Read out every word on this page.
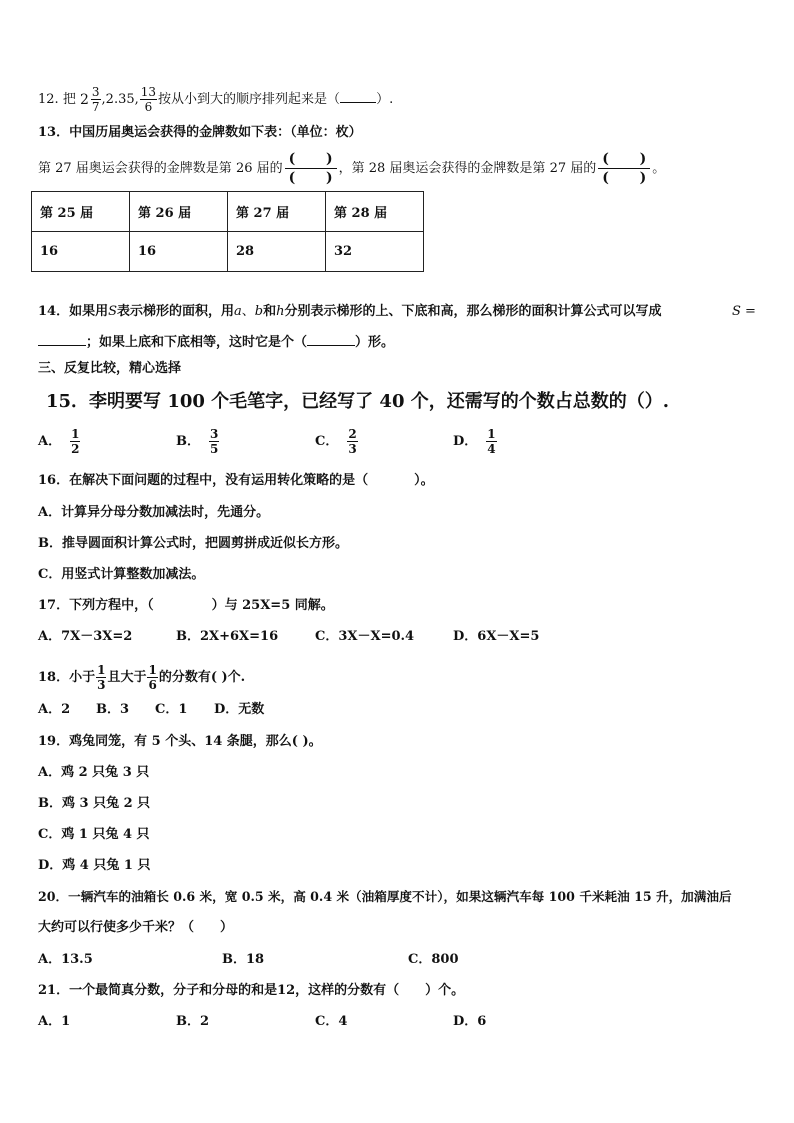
12. 把 $2 \frac{3}{7} ,2.35$, $\frac{13}{6}$ 按从小到大的顺序排列起来是（	）.
13．中国历届奥运会获得的金牌数如下表：（单位：枚）
第 27 届奥运会获得的金牌数是第 26 届的 $\frac{( )}{( )}$ ，第 28 届奥运会获得的金牌数是第 27 届的 $\frac{( )}{( )}$ 。
第 25 届	第 26 届	第 27 届	第 28 届
16	16	28	32
14．如果用S表示梯形的面积，用a、b和h分别表示梯形的上、下底和高，那么梯形的面积计算公式可以写成	S =
；如果上底和下底相等，这时它是个（	）形。
三、反复比较，精心选择
15．李明要写 100 个毛笔字，已经写了 40 个，还需写的个数占总数的（）.
A． $\frac{1}{2}$	B． $\frac{3}{5}$	C． $\frac{2}{3}$	D． $\frac{1}{4}$
16．在解决下面问题的过程中，没有运用转化策略的是（	）。
A．计算异分母分数加减法时，先通分。
B．推导圆面积计算公式时，把圆剪拼成近似长方形。
C．用竖式计算整数加减法。
17．下列方程中，（	）与 25X=5 同解。
A．7X－3X=2	B．2X+6X=16	C．3X－X=0.4	D．6X－X=5
18．小于 $\frac{1}{3}$ 且大于 $\frac{1}{6}$ 的分数有( )个.
A．2 B．3 C．1 D．无数
19．鸡兔同笼，有 5 个头、14 条腿，那么( )。
A．鸡 2 只兔 3 只
B．鸡 3 只兔 2 只
C．鸡 1 只兔 4 只
D．鸡 4 只兔 1 只
20．一辆汽车的油箱长 0.6 米，宽 0.5 米，高 0.4 米（油箱厚度不计），如果这辆汽车每 100 千米耗油 15 升，加满油后
大约可以行使多少千米？（　　）
A．13.5	B．18	C．800
21．一个最简真分数，分子和分母的和是12，这样的分数有（　　）个。
A．1	B．2	C．4	D．6
